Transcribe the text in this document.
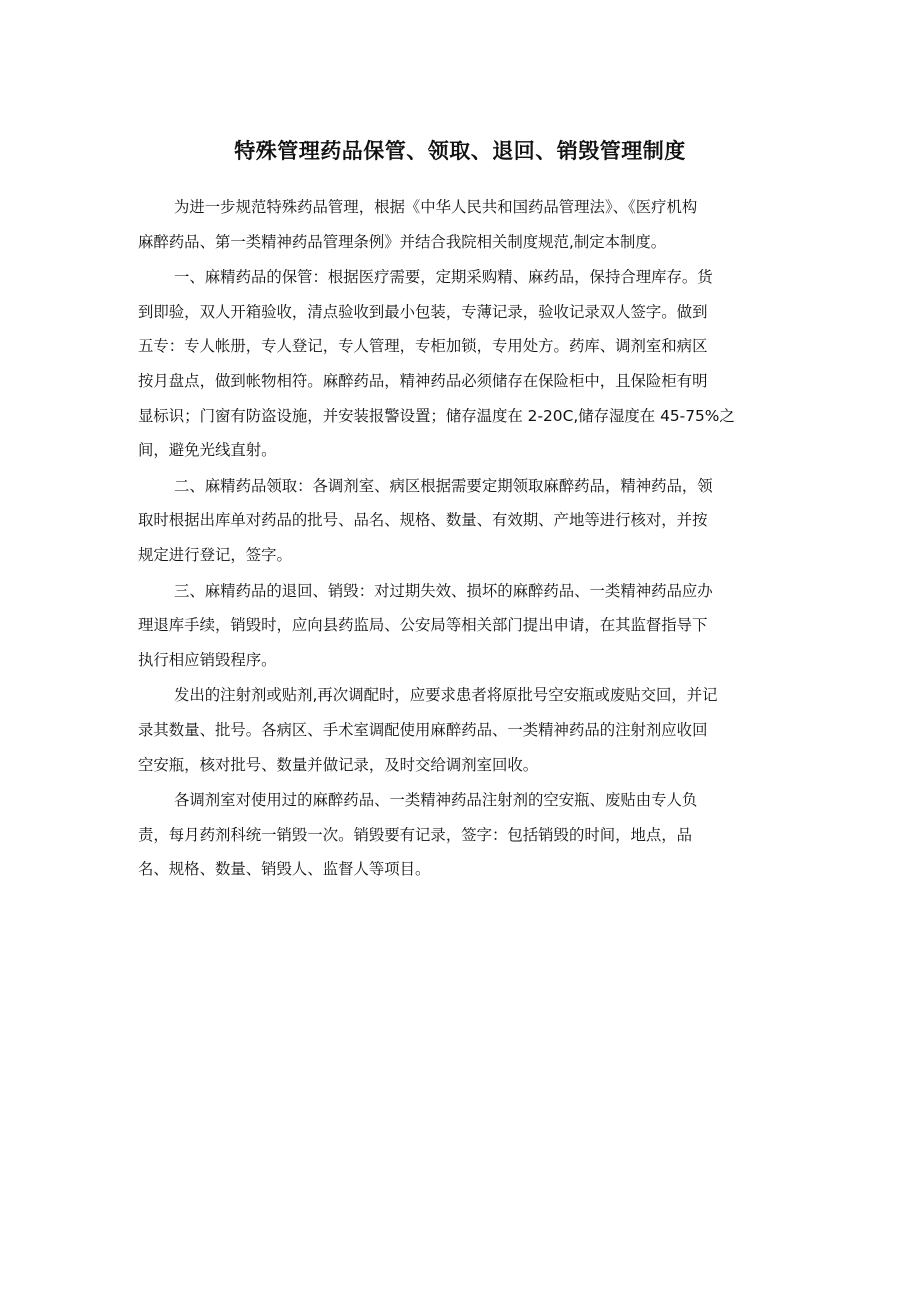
特殊管理药品保管、领取、退回、销毁管理制度

为进一步规范特殊药品管理，根据《中华人民共和国药品管理法》、《医疗机构
麻醉药品、第一类精神药品管理条例》并结合我院相关制度规范,制定本制度。

一、麻精药品的保管：根据医疗需要，定期采购精、麻药品，保持合理库存。货
到即验，双人开箱验收，清点验收到最小包装，专薄记录，验收记录双人签字。做到
五专：专人帐册，专人登记，专人管理，专柜加锁，专用处方。药库、调剂室和病区
按月盘点，做到帐物相符。麻醉药品，精神药品必须储存在保险柜中，且保险柜有明
显标识；门窗有防盗设施，并安装报警设置；储存温度在 2-20C,储存湿度在 45-75%之
间，避免光线直射。

二、麻精药品领取：各调剂室、病区根据需要定期领取麻醉药品，精神药品，领
取时根据出库单对药品的批号、品名、规格、数量、有效期、产地等进行核对，并按
规定进行登记，签字。

三、麻精药品的退回、销毁：对过期失效、损坏的麻醉药品、一类精神药品应办
理退库手续，销毁时，应向县药监局、公安局等相关部门提出申请，在其监督指导下
执行相应销毁程序。

发出的注射剂或贴剂,再次调配时，应要求患者将原批号空安瓶或废贴交回，并记
录其数量、批号。各病区、手术室调配使用麻醉药品、一类精神药品的注射剂应收回
空安瓶，核对批号、数量并做记录，及时交给调剂室回收。

各调剂室对使用过的麻醉药品、一类精神药品注射剂的空安瓶、废贴由专人负
责，每月药剂科统一销毁一次。销毁要有记录，签字：包括销毁的时间，地点，品
名、规格、数量、销毁人、监督人等项目。
